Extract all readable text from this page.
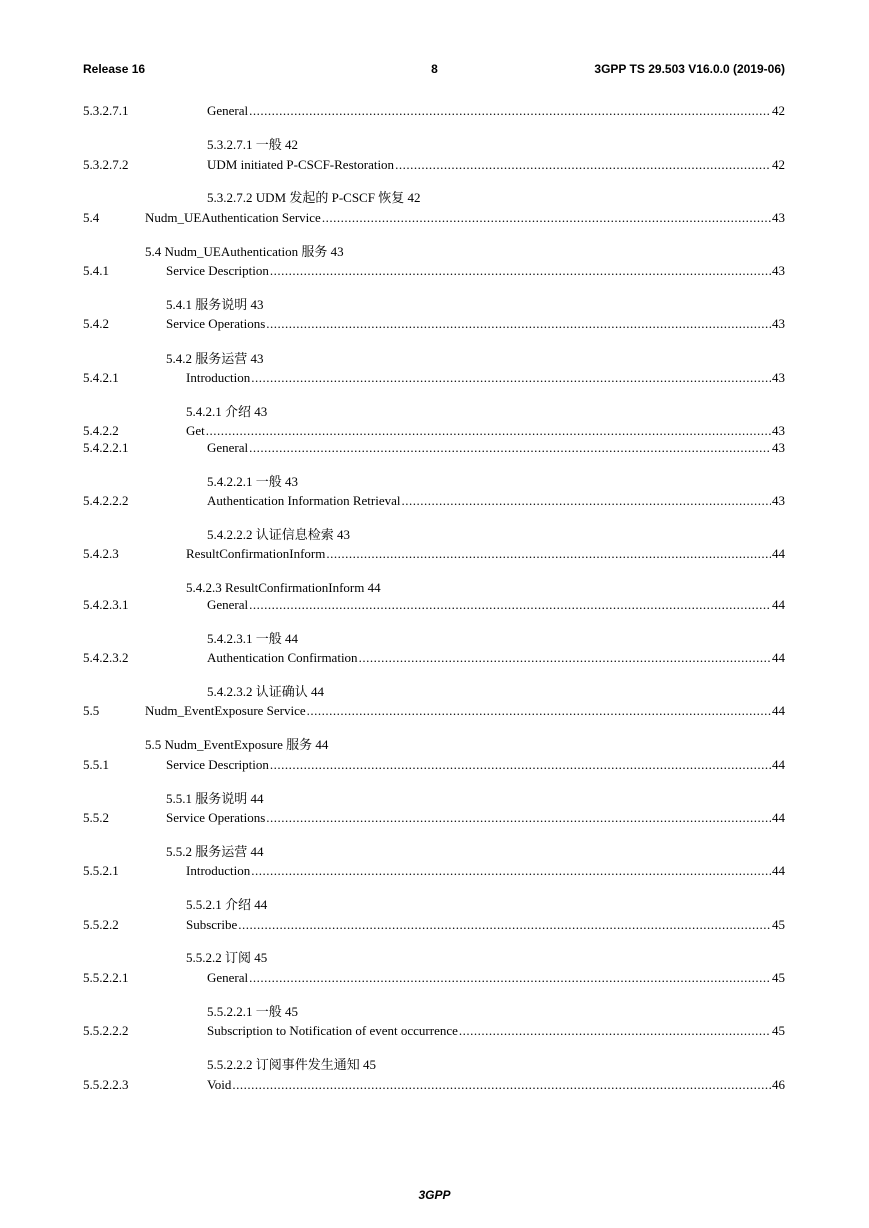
Release 16	8	3GPP TS 29.503 V16.0.0 (2019-06)
5.3.2.7.1	General .....	42
5.3.2.7.1 一般 42
5.3.2.7.2	UDM initiated P-CSCF-Restoration .....	42
5.3.2.7.2 UDM 发起的 P-CSCF 恢复 42
5.4	Nudm_UEAuthentication Service .....	43
5.4 Nudm_UEAuthentication 服务 43
5.4.1	Service Description .....	43
5.4.1 服务说明 43
5.4.2	Service Operations .....	43
5.4.2 服务运营 43
5.4.2.1	Introduction .....	43
5.4.2.1 介绍 43
5.4.2.2	Get .....	43
5.4.2.2.1	General .....	43
5.4.2.2.1 一般 43
5.4.2.2.2	Authentication Information Retrieval .....	43
5.4.2.2.2 认证信息检索 43
5.4.2.3	ResultConfirmationInform .....	44
5.4.2.3 ResultConfirmationInform 44
5.4.2.3.1	General .....	44
5.4.2.3.1 一般 44
5.4.2.3.2	Authentication Confirmation .....	44
5.4.2.3.2 认证确认 44
5.5	Nudm_EventExposure Service .....	44
5.5 Nudm_EventExposure 服务 44
5.5.1	Service Description .....	44
5.5.1 服务说明 44
5.5.2	Service Operations .....	44
5.5.2 服务运营 44
5.5.2.1	Introduction .....	44
5.5.2.1 介绍 44
5.5.2.2	Subscribe .....	45
5.5.2.2 订阅 45
5.5.2.2.1	General .....	45
5.5.2.2.1 一般 45
5.5.2.2.2	Subscription to Notification of event occurrence .....	45
5.5.2.2.2 订阅事件发生通知 45
5.5.2.2.3	Void .....	46
3GPP
